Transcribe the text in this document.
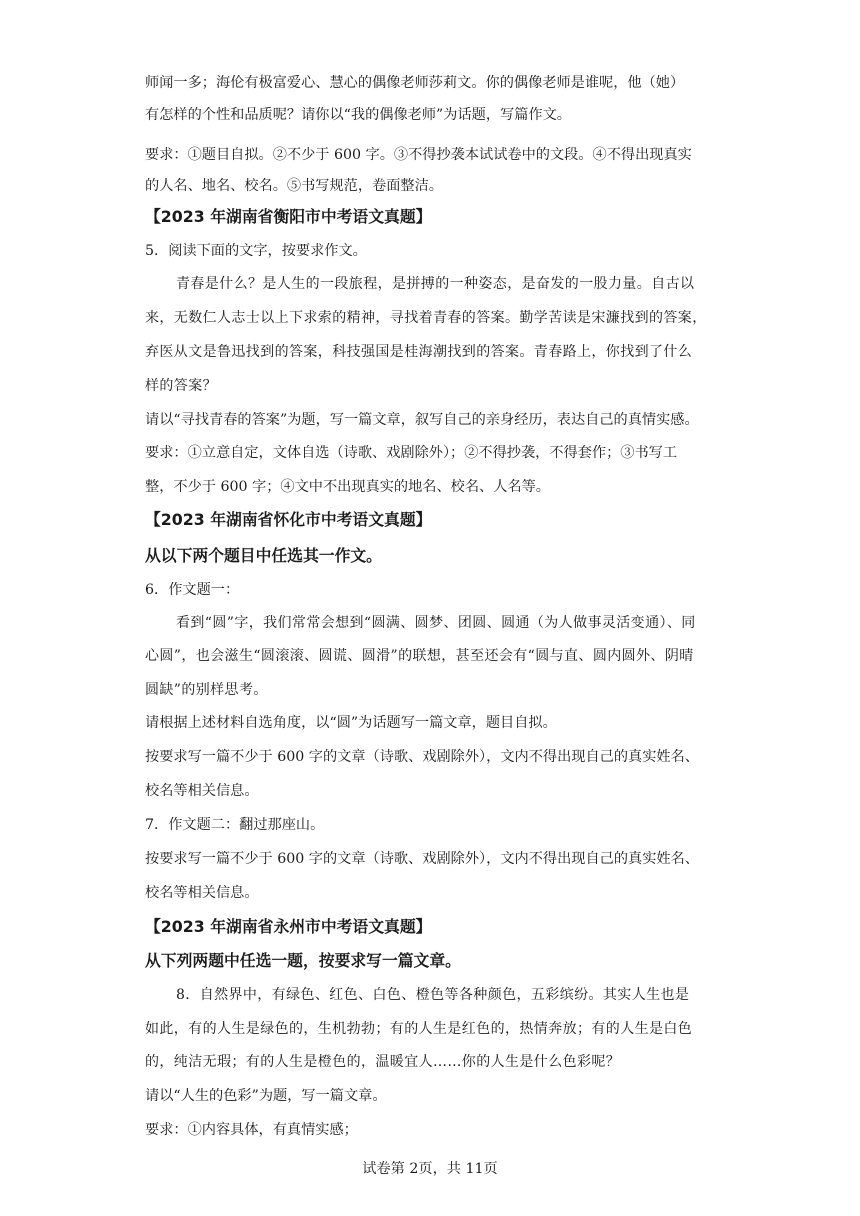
师闻一多；海伦有极富爱心、慧心的偶像老师莎莉文。你的偶像老师是谁呢，他（她）
有怎样的个性和品质呢？请你以“我的偶像老师”为话题，写篇作文。
要求：①题目自拟。②不少于 600 字。③不得抄袭本试试卷中的文段。④不得出现真实
的人名、地名、校名。⑤书写规范，卷面整洁。
【2023 年湖南省衡阳市中考语文真题】
5．阅读下面的文字，按要求作文。
青春是什么？是人生的一段旅程，是拼搏的一种姿态，是奋发的一股力量。自古以
来，无数仁人志士以上下求索的精神，寻找着青春的答案。勤学苦读是宋濂找到的答案，
弃医从文是鲁迅找到的答案，科技强国是桂海潮找到的答案。青春路上，你找到了什么
样的答案？
请以“寻找青春的答案”为题，写一篇文章，叙写自己的亲身经历，表达自己的真情实感。
要求：①立意自定，文体自选（诗歌、戏剧除外）；②不得抄袭，不得套作；③书写工
整，不少于 600 字；④文中不出现真实的地名、校名、人名等。
【2023 年湖南省怀化市中考语文真题】
从以下两个题目中任选其一作文。
6．作文题一：
看到“圆”字，我们常常会想到“圆满、圆梦、团圆、圆通（为人做事灵活变通）、同
心圆”，也会滋生“圆滚滚、圆谎、圆滑”的联想，甚至还会有“圆与直、圆内圆外、阴晴
圆缺”的别样思考。
请根据上述材料自选角度，以“圆”为话题写一篇文章，题目自拟。
按要求写一篇不少于 600 字的文章（诗歌、戏剧除外），文内不得出现自己的真实姓名、
校名等相关信息。
7．作文题二：翻过那座山。
按要求写一篇不少于 600 字的文章（诗歌、戏剧除外），文内不得出现自己的真实姓名、
校名等相关信息。
【2023 年湖南省永州市中考语文真题】
从下列两题中任选一题，按要求写一篇文章。
8．自然界中，有绿色、红色、白色、橙色等各种颜色，五彩缤纷。其实人生也是
如此，有的人生是绿色的，生机勃勃；有的人生是红色的，热情奔放；有的人生是白色
的，纯洁无瑕；有的人生是橙色的，温暖宜人……你的人生是什么色彩呢？
请以“人生的色彩”为题，写一篇文章。
要求：①内容具体，有真情实感；
试卷第 2页，共 11页
